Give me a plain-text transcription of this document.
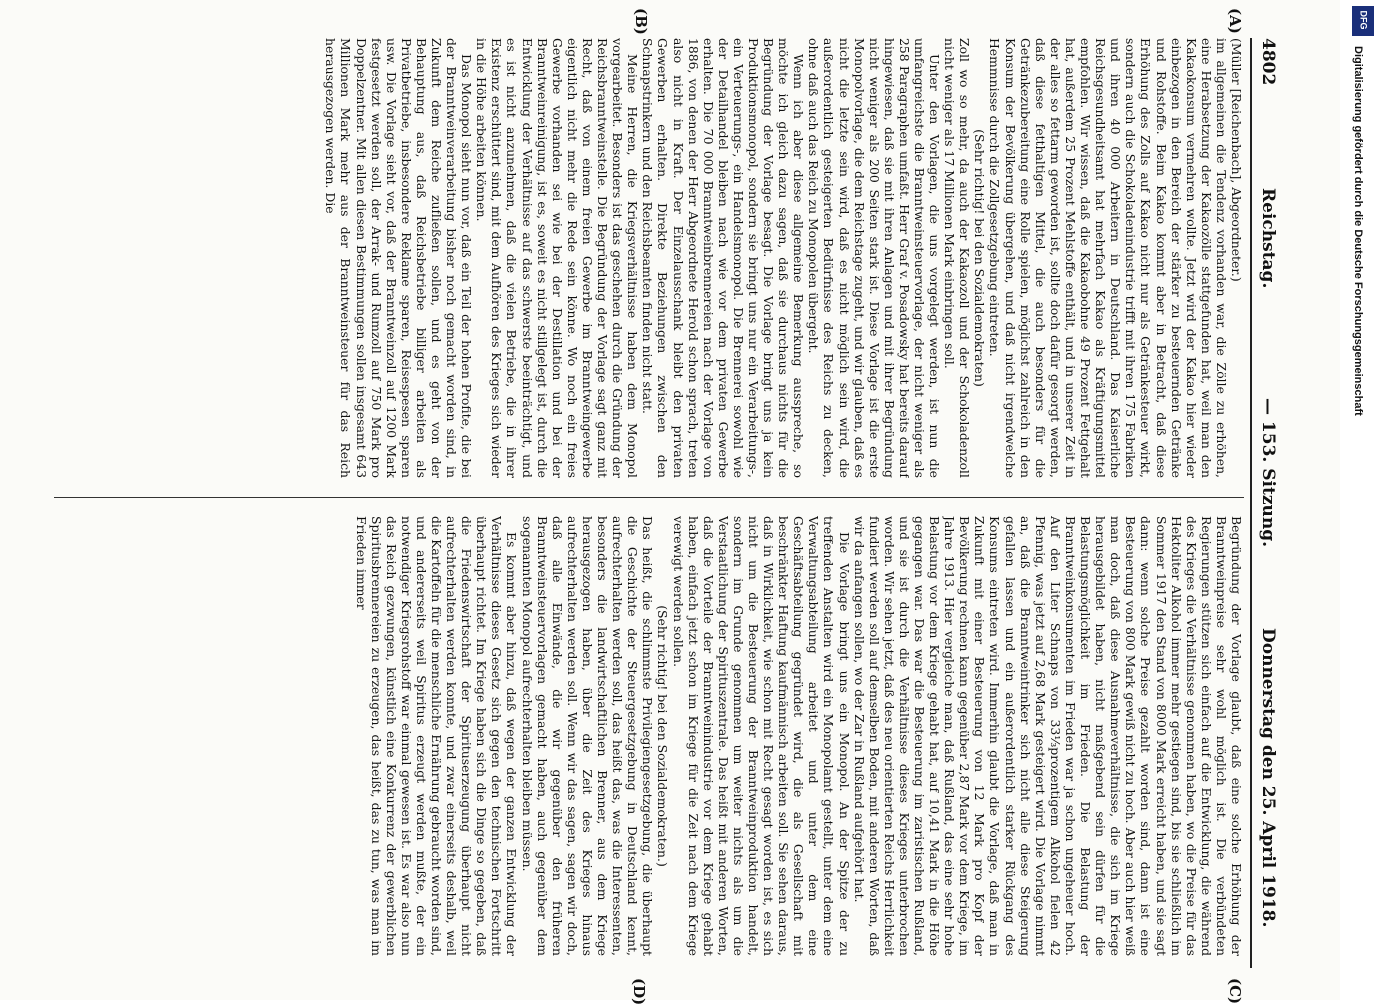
4802
Reichstag.
— 153. Sitzung.
Donnerstag den 25. April 1918.
(A)
(B)
(C)
(D)

(Müller [Reichenbach], Abgeordneter.)

im allgemeinen die Tendenz vorhanden war, die Zölle zu erhöhen, eine Herabsetzung der Kakaozölle stattgefunden hat, weil man den Kakaokonsum vermehren wollte. Jetzt wird der Kakao hier wieder einbezogen in den Bereich der stärker zu besteuernden Getränke und Rohstoffe. Beim Kakao kommt aber in Betracht, daß diese Erhöhung des Zolls auf Kakao nicht nur als Getränkesteuer wirkt, sondern auch die Schokoladenindustrie trifft mit ihren 175 Fabriken und ihren 40 000 Arbeitern in Deutschland. Das Kaiserliche Reichsgesundheitsamt hat mehrfach Kakao als Kräftigungsmittel empfohlen. Wir wissen, daß die Kakaobohne 49 Prozent Fettgehalt hat, außerdem 25 Prozent Mehlstoffe enthält, und in unserer Zeit in der alles so fettarm geworden ist, sollte doch dafür gesorgt werden, daß diese fetthaltigen Mittel, die auch besonders für die Getränkezubereitung eine Rolle spielen, möglichst zahlreich in den Konsum der Bevölkerung übergehen, und daß nicht irgendwelche Hemmnisse durch die Zollgesetzgebung eintreten.

(Sehr richtig! bei den Sozialdemokraten)

Zoll wo so mehr, da auch der Kakaozoll und der Schokoladenzoll nicht weniger als 17 Millionen Mark einbringen soll.

Unter den Vorlagen, die uns vorgelegt werden, ist nun die umfangreichste die Branntweinsteuervorlage, der nicht weniger als 258 Paragraphen umfaßt. Herr Graf v. Posadowsky hat bereits darauf hingewiesen, daß sie mit ihren Anlagen und mit ihrer Begründung nicht weniger als 200 Seiten stark ist. Diese Vorlage ist die erste Monopolvorlage, die dem Reichstage zugeht, und wir glauben, daß es nicht die letzte sein wird, daß es nicht möglich sein wird, die außerordentlich gesteigerten Bedürfnisse des Reichs zu decken, ohne daß auch das Reich zu Monopolen übergeht.

Wenn ich aber diese allgemeine Bemerkung ausspreche, so möchte ich gleich dazu sagen, daß sie durchaus nichts für die Begründung der Vorlage besagt. Die Vorlage bringt uns ja kein Produktionsmonopol, sondern sie bringt uns nur ein Verarbeitungs-, ein Verteuerungs-, ein Handelsmonopol. Die Brennerei sowohl wie der Detailhandel bleiben nach wie vor dem privaten Gewerbe erhalten. Die 70 000 Branntweinbrennereien nach der Vorlage von 1886, von denen der Herr Abgeordnete Herold schon sprach, treten also nicht in Kraft. Der Einzelausschank bleibt den privaten Gewerben erhalten. Direkte Beziehungen zwischen den Schnapstrinkern und den Reichsbeamten finden nicht statt.

Meine Herren, die Kriegsverhältnisse haben dem Monopol vorgearbeitet. Besonders ist das geschehen durch die Gründung der Reichsbranntweinstelle. Die Begründung der Vorlage sagt ganz mit Recht, daß von einem freien Gewerbe im Branntweingewerbe eigentlich nicht mehr die Rede sein könne. Wo noch ein freies Gewerbe vorhanden sei wie bei der Destillation und bei der Branntweinreinigung, ist es, soweit es nicht stillgelegt ist, durch die Entwicklung der Verhältnisse auf das schwerste beeinträchtigt, und es ist nicht anzunehmen, daß die vielen Betriebe, die in ihrer Existenz erschüttert sind, mit dem Aufhören des Krieges sich wieder in die Höhe arbeiten können.

Das Monopol sieht nun vor, daß ein Teil der hohen Profite, die bei der Branntweinverarbeitung bisher noch gemacht worden sind, in Zukunft dem Reiche zufließen sollen, und es geht von der Behauptung aus, daß Reichsbetriebe billiger arbeiten als Privatbetriebe, insbesondere Reklame sparen, Reisespesen sparen usw. Die Vorlage sieht vor, daß der Branntweinzoll auf 1200 Mark festgesetzt werden soll, der Arrak- und Rumzoll auf 750 Mark pro Doppelzentner. Mit allen diesen Bestimmungen sollen insgesamt 643 Millionen Mark mehr aus der Branntweinsteuer für das Reich herausgezogen werden. Die

Begründung der Vorlage glaubt, daß eine solche Erhöhung der Branntweinpreise sehr wohl möglich ist. Die verbündeten Regierungen stützen sich einfach auf die Entwicklung, die während des Krieges die Verhältnisse genommen haben, wo die Preise für das Hektoliter Alkohol immer mehr gestiegen sind, bis sie schließlich im Sommer 1917 den Stand von 8000 Mark erreicht haben, und sie sagt dann: wenn solche Preise gezahlt worden sind, dann ist eine Besteuerung von 800 Mark gewiß nicht zu hoch. Aber auch hier weiß man doch, daß diese Ausnahmeverhältnisse, die sich im Kriege herausgebildet haben, nicht maßgebend sein dürfen für die Belastungsmöglichkeit im Frieden. Die Belastung der Branntweinkonsumenten im Frieden war ja schon ungeheuer hoch. Auf den Liter Schnaps von 33⅓prozentigem Alkohol fielen 42 Pfennig, was jetzt auf 2,68 Mark gesteigert wird. Die Vorlage nimmt an, daß die Branntweintrinker sich nicht alle diese Steigerung gefallen lassen und ein außerordentlich starker Rückgang des Konsums eintreten wird. Immerhin glaubt die Vorlage, daß man in Zukunft mit einer Besteuerung von 12 Mark pro Kopf der Bevölkerung rechnen kann gegenüber 2,87 Mark vor dem Kriege, im Jahre 1913. Hier vergleiche man, daß Rußland, das eine sehr hohe Belastung vor dem Kriege gehabt hat, auf 10,41 Mark in die Höhe gegangen war. Das war die Besteuerung im zaristischen Rußland, und sie ist durch die Verhältnisse dieses Krieges unterbrochen worden. Wir sehen jetzt, daß des neu orientierten Reichs Herrlichkeit fundiert werden soll auf demselben Boden, mit anderen Worten, daß wir da anfangen sollen, wo der Zar in Rußland aufgehört hat.

Die Vorlage bringt uns ein Monopol. An der Spitze der zu treffenden Anstalten wird ein Monopolamt gestellt, unter dem eine Verwaltungsabteilung arbeitet und unter dem eine Geschäftsabteilung gegründet wird, die als Gesellschaft mit beschränkter Haftung kaufmännisch arbeiten soll. Sie sehen daraus, daß in Wirklichkeit, wie schon mit Recht gesagt worden ist, es sich nicht um die Besteuerung der Branntweinproduktion handelt, sondern im Grunde genommen um weiter nichts als um die Verstaatlichung der Spirituszentrale. Das heißt mit anderen Worten, daß die Vorteile der Branntweinindustrie vor dem Kriege gehabt haben, einfach jetzt schon im Kriege für die Zeit nach dem Kriege verewigt werden sollen.

(Sehr richtig! bei den Sozialdemokraten.)

Das heißt, die schlimmste Privilegiengesetzgebung, die überhaupt die Geschichte der Steuergesetzgebung in Deutschland kennt, aufrechterhalten werden soll, das heißt das, was die Interessenten, besonders die landwirtschaftlichen Brenner, aus dem Kriege herausgezogen haben, über die Zeit des Krieges hinaus aufrechterhalten werden soll. Wenn wir das sagen, sagen wir doch, daß alle Einwände, die wir gegenüber den früheren Branntweinsteuervorlagen gemacht haben, auch gegenüber dem sogenannten Monopol aufrechterhalten bleiben müssen.

Es kommt aber hinzu, daß wegen der ganzen Entwicklung der Verhältnisse dieses Gesetz sich gegen den technischen Fortschritt überhaupt richtet. Im Kriege haben sich die Dinge so gegeben, daß die Friedenswirtschaft der Spirituserzeugung überhaupt nicht aufrechterhalten werden konnte, und zwar einerseits deshalb, weil die Kartoffeln für die menschliche Ernährung gebraucht worden sind, und andererseits weil Spiritus erzeugt werden mußte, der ein notwendiger Kriegsrohstoff war einmal gewesen ist. Es war also nun das Reich gezwungen, künstlich eine Konkurrenz der gewerblichen Spiritusbrennereien zu erzeugen, das heißt, das zu tun, was man im Frieden immer

DFG
Digitalisierung gefördert durch die Deutsche Forschungsgemeinschaft
